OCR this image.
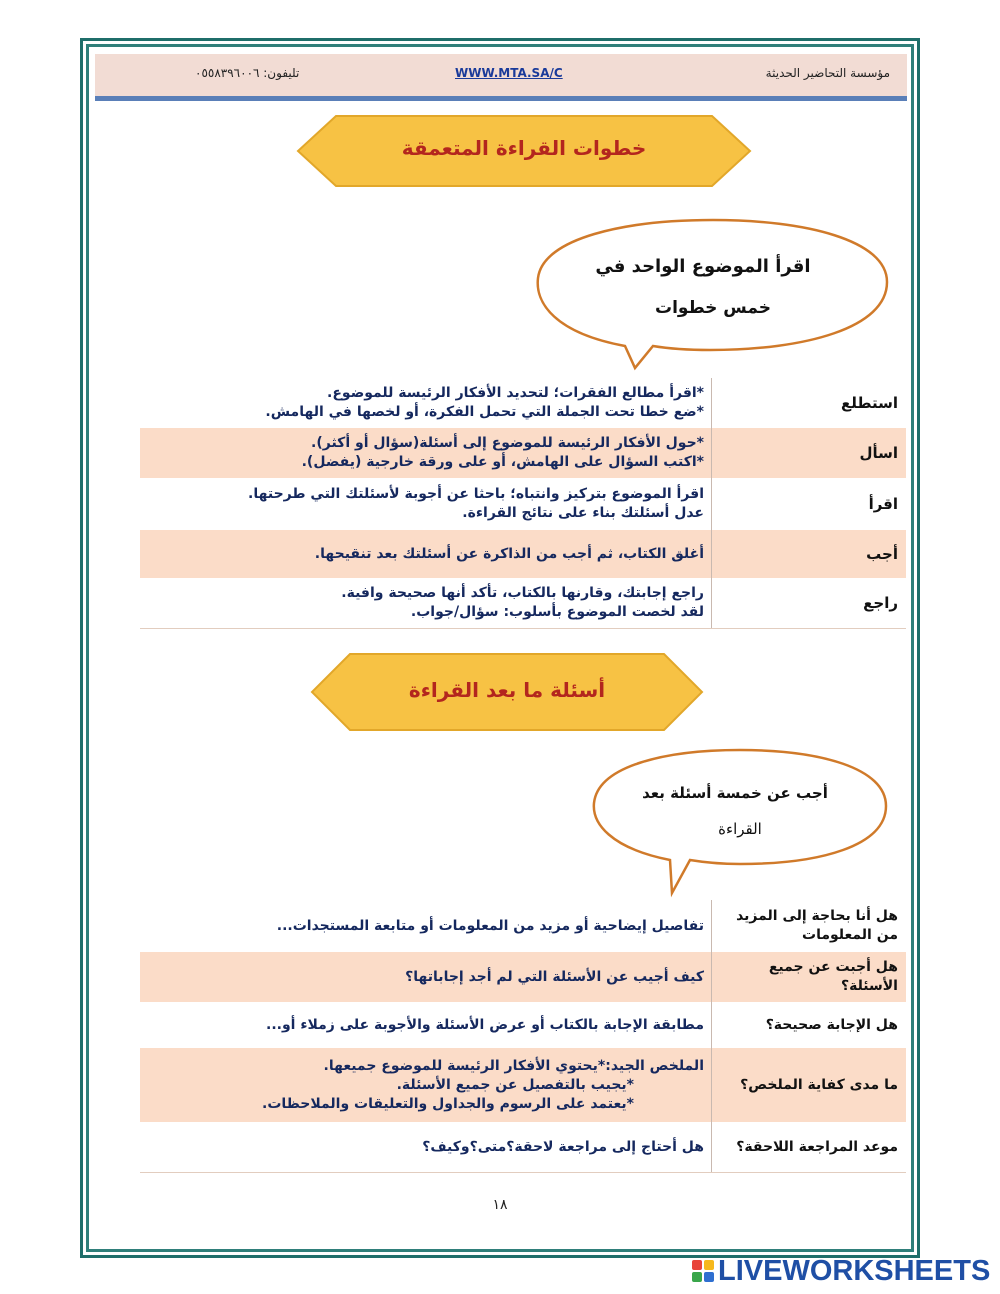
مؤسسة التحاضير الحديثة
WWW.MTA.SA/C
تليفون: ٠٥٥٨٣٩٦٠٠٦
خطوات القراءة المتعمقة
اقرأ الموضوع الواحد في
خمس خطوات
استطلع
*اقرأ مطالع الفقرات؛ لتحديد الأفكار الرئيسة للموضوع.
*ضع خطا تحت الجملة التي تحمل الفكرة، أو لخصها في الهامش.
اسأل
*حول الأفكار الرئيسة للموضوع إلى أسئلة(سؤال أو أكثر).
*اكتب السؤال على الهامش، أو على ورقة خارجية (يفضل).
اقرأ
اقرأ الموضوع بتركيز وانتباه؛ باحثا عن أجوبة لأسئلتك التي طرحتها.
عدل أسئلتك بناء على نتائج القراءة.
أجب
أغلق الكتاب، ثم أجب من الذاكرة عن أسئلتك بعد تنقيحها.
راجع
راجع إجابتك، وقارنها بالكتاب، تأكد أنها صحيحة وافية.
لقد لخصت الموضوع بأسلوب: سؤال/جواب.
أسئلة ما بعد القراءة
أجب عن خمسة أسئلة بعد
القراءة
هل أنا بحاجة إلى المزيد من المعلومات
تفاصيل إيضاحية أو مزيد من المعلومات أو متابعة المستجدات...
هل أجبت عن جميع الأسئلة؟
كيف أجيب عن الأسئلة التي لم أجد إجاباتها؟
هل الإجابة صحيحة؟
مطابقة الإجابة بالكتاب أو عرض الأسئلة والأجوبة على زملاء أو...
ما مدى كفاية الملخص؟
الملخص الجيد:*يحتوي الأفكار الرئيسة للموضوع جميعها.
*يجيب بالتفصيل عن جميع الأسئلة.
*يعتمد على الرسوم والجداول والتعليقات والملاحظات.
موعد المراجعة اللاحقة؟
هل أحتاج إلى مراجعة لاحقة؟متى؟وكيف؟
١٨
LIVEWORKSHEETS
